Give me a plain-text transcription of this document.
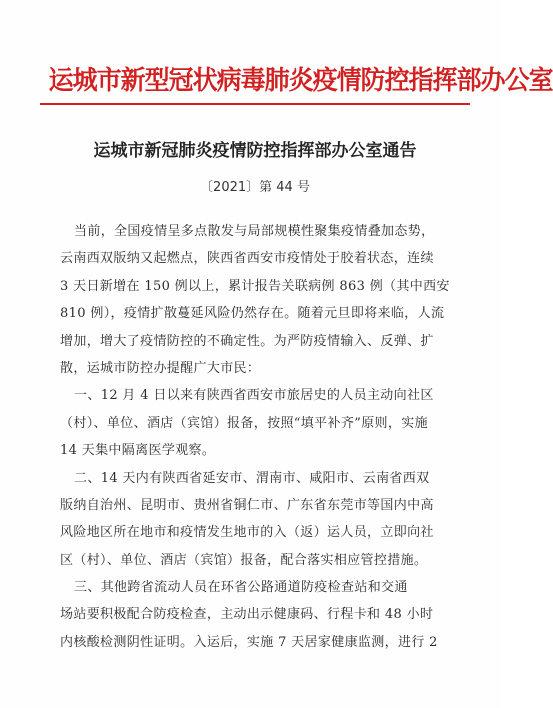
运城市新型冠状病毒肺炎疫情防控指挥部办公室
运城市新冠肺炎疫情防控指挥部办公室通告
〔2021〕第 44 号
当前，全国疫情呈多点散发与局部规模性聚集疫情叠加态势，
云南西双版纳又起燃点，陕西省西安市疫情处于胶着状态，连续
3 天日新增在 150 例以上，累计报告关联病例 863 例（其中西安
810 例），疫情扩散蔓延风险仍然存在。随着元旦即将来临，人流
增加，增大了疫情防控的不确定性。为严防疫情输入、反弹、扩
散，运城市防控办提醒广大市民：
一、12 月 4 日以来有陕西省西安市旅居史的人员主动向社区
（村）、单位、酒店（宾馆）报备，按照“填平补齐”原则，实施
14 天集中隔离医学观察。
二、14 天内有陕西省延安市、渭南市、咸阳市、云南省西双
版纳自治州、昆明市、贵州省铜仁市、广东省东莞市等国内中高
风险地区所在地市和疫情发生地市的入（返）运人员，立即向社
区（村）、单位、酒店（宾馆）报备，配合落实相应管控措施。
三、其他跨省流动人员在环省公路通道防疫检查站和交通
场站要积极配合防疫检查，主动出示健康码、行程卡和 48 小时
内核酸检测阴性证明。入运后，实施 7 天居家健康监测，进行 2
